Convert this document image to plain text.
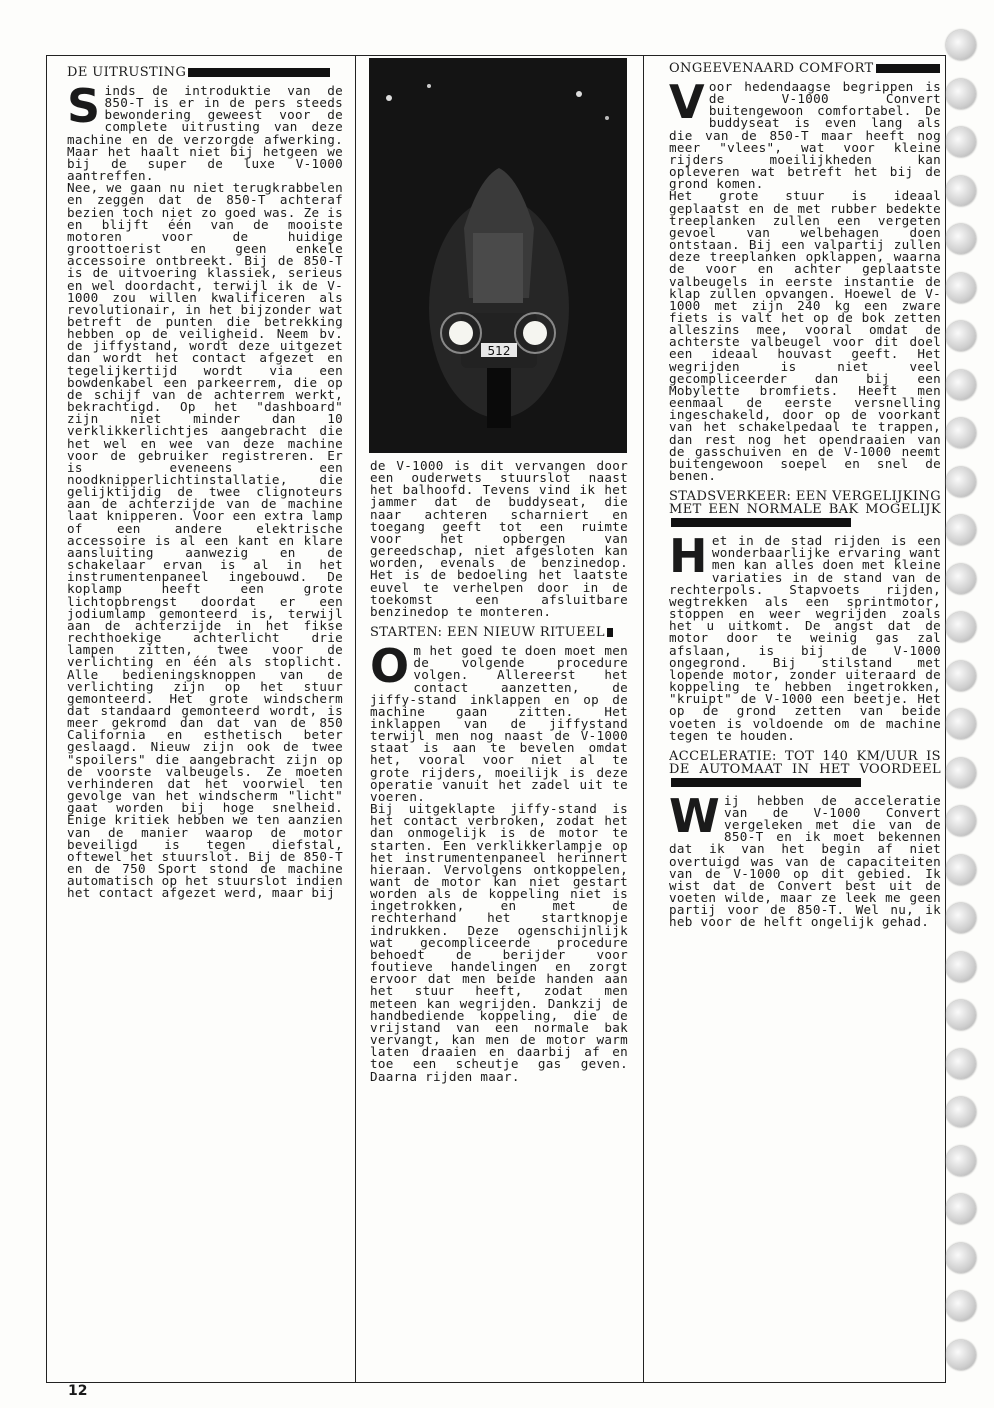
DE UITRUSTING
S inds de introduktie van de 850-T is er in de pers steeds bewondering geweest voor de complete uitrusting van deze machine en de verzorgde afwerking. Maar het haalt niet bij hetgeen we bij de super de luxe V-1000 aantreffen.

Nee, we gaan nu niet terugkrabbelen en zeggen dat de 850-T achteraf bezien toch niet zo goed was. Ze is en blijft één van de mooiste motoren voor de huidige groottoerist en geen enkele accessoire ontbreekt. Bij de 850-T is de uitvoering klassiek, serieus en wel doordacht, terwijl ik de V-1000 zou willen kwalificeren als revolutionair, in het bijzonder wat betreft de punten die betrekking hebben op de veiligheid. Neem bv. de jiffystand, wordt deze uitgezet dan wordt het contact afgezet en tegelijkertijd wordt via een bowdenkabel een parkeerrem, die op de schijf van de achterrem werkt, bekrachtigd. Op het "dashboard" zijn niet minder dan 10 verklikkerlichtjes aangebracht die het wel en wee van deze machine voor de gebruiker registreren. Er is eveneens een noodknipperlichtinstallatie, die gelijktijdig de twee clignoteurs aan de achterzijde van de machine laat knipperen. Voor een extra lamp of een andere elektrische accessoire is al een kant en klare aansluiting aanwezig en de schakelaar ervan is al in het instrumentenpaneel ingebouwd. De koplamp heeft een grote lichtopbrengst doordat er een jodiumlamp gemonteerd is, terwijl aan de achterzijde in het fikse rechthoekige achterlicht drie lampen zitten, twee voor de verlichting en één als stoplicht. Alle bedieningsknoppen van de verlichting zijn op het stuur gemonteerd. Het grote windscherm dat standaard gemonteerd wordt, is meer gekromd dan dat van de 850 California en esthetisch beter geslaagd. Nieuw zijn ook de twee "spoilers" die aangebracht zijn op de voorste valbeugels. Ze moeten verhinderen dat het voorwiel ten gevolge van het windscherm "licht" gaat worden bij hoge snelheid. Enige kritiek hebben we ten aanzien van de manier waarop de motor beveiligd is tegen diefstal, oftewel het stuurslot. Bij de 850-T en de 750 Sport stond de machine automatisch op het stuurslot indien het contact afgezet werd, maar bij

512

de V-1000 is dit vervangen door een ouderwets stuurslot naast het balhoofd. Tevens vind ik het jammer dat de buddyseat, die naar achteren scharniert en toegang geeft tot een ruimte voor het opbergen van gereedschap, niet afgesloten kan worden, evenals de benzinedop. Het is de bedoeling het laatste euvel te verhelpen door in de toekomst een afsluitbare benzinedop te monteren.

STARTEN: EEN NIEUW RITUEEL
O m het goed te doen moet men de volgende procedure volgen. Allereerst het contact aanzetten, de jiffy-stand inklappen en op de machine gaan zitten. Het inklappen van de jiffystand terwijl men nog naast de V-1000 staat is aan te bevelen omdat het, vooral voor niet al te grote rijders, moeilijk is deze operatie vanuit het zadel uit te voeren.

Bij uitgeklapte jiffy-stand is het contact verbroken, zodat het dan onmogelijk is de motor te starten. Een verklikkerlampje op het instrumentenpaneel herinnert hieraan. Vervolgens ontkoppelen, want de motor kan niet gestart worden als de koppeling niet is ingetrokken, en met de rechterhand het startknopje indrukken. Deze ogenschijnlijk wat gecompliceerde procedure behoedt de berijder voor foutieve handelingen en zorgt ervoor dat men beide handen aan het stuur heeft, zodat men meteen kan wegrijden. Dankzij de handbediende koppeling, die de vrijstand van een normale bak vervangt, kan men de motor warm laten draaien en daarbij af en toe een scheutje gas geven. Daarna rijden maar.

ONGEEVENAARD COMFORT
V oor hedendaagse begrippen is de V-1000 Convert buitengewoon comfortabel. De buddyseat is even lang als die van de 850-T maar heeft nog meer "vlees", wat voor kleine rijders moeilijkheden kan opleveren wat betreft het bij de grond komen.

Het grote stuur is ideaal geplaatst en de met rubber bedekte treeplanken zullen een vergeten gevoel van welbehagen doen ontstaan. Bij een valpartij zullen deze treeplanken opklappen, waarna de voor en achter geplaatste valbeugels in eerste instantie de klap zullen opvangen. Hoewel de V-1000 met zijn 240 kg een zware fiets is valt het op de bok zetten alleszins mee, vooral omdat de achterste valbeugel voor dit doel een ideaal houvast geeft. Het wegrijden is niet veel gecompliceerder dan bij een Mobylette bromfiets. Heeft men eenmaal de eerste versnelling ingeschakeld, door op de voorkant van het schakelpedaal te trappen, dan rest nog het opendraaien van de gasschuiven en de V-1000 neemt buitengewoon soepel en snel de benen.

STADSVERKEER: EEN VERGELIJKING MET EEN NORMALE BAK MOGELIJK
H et in de stad rijden is een wonderbaarlijke ervaring want men kan alles doen met kleine variaties in de stand van de rechterpols. Stapvoets rijden, wegtrekken als een sprintmotor, stoppen en weer wegrijden zoals het u uitkomt. De angst dat de motor door te weinig gas zal afslaan, is bij de V-1000 ongegrond. Bij stilstand met lopende motor, zonder uiteraard de koppeling te hebben ingetrokken, "kruipt" de V-1000 een beetje. Het op de grond zetten van beide voeten is voldoende om de machine tegen te houden.

ACCELERATIE: TOT 140 KM/UUR IS DE AUTOMAAT IN HET VOORDEEL
W ij hebben de acceleratie van de V-1000 Convert vergeleken met die van de 850-T en ik moet bekennen dat ik van het begin af niet overtuigd was van de capaciteiten van de V-1000 op dit gebied. Ik wist dat de Convert best uit de voeten wilde, maar ze leek me geen partij voor de 850-T. Wel nu, ik heb voor de helft ongelijk gehad.

12
